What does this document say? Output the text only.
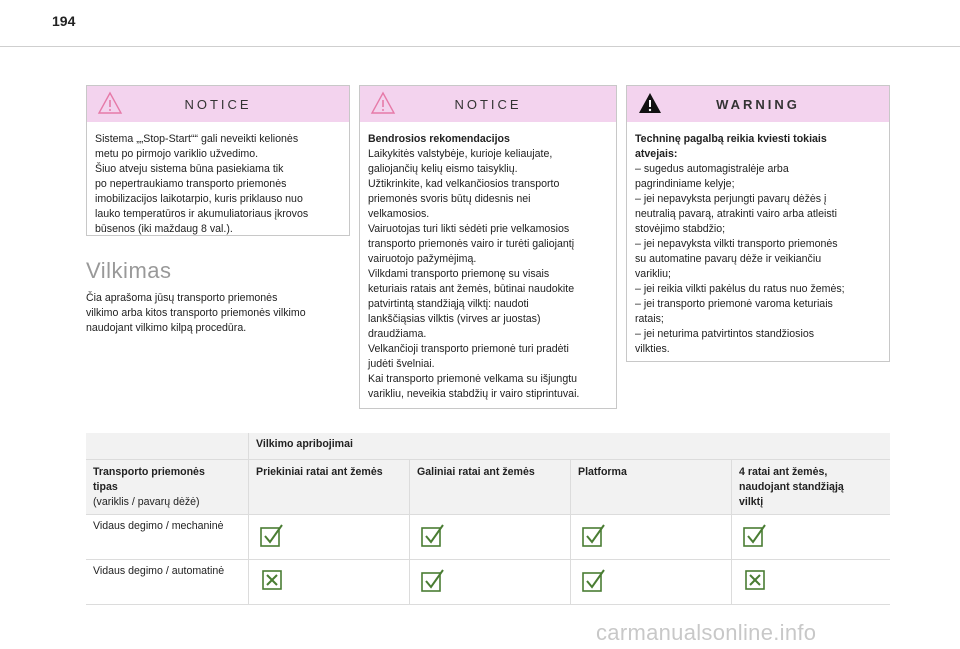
194
NOTICE

Sistema „„Stop-Start““ gali neveikti kelionės
metu po pirmojo variklio užvedimo.
Šiuo atveju sistema būna pasiekiama tik
po nepertraukiamo transporto priemonės
imobilizacijos laikotarpio, kuris priklauso nuo
lauko temperatūros ir akumuliatoriaus įkrovos
būsenos (iki maždaug 8 val.).

Vilkimas
Čia aprašoma jūsų transporto priemonės
vilkimo arba kitos transporto priemonės vilkimo
naudojant vilkimo kilpą procedūra.
NOTICE

Bendrosios rekomendacijos

Laikykitės valstybėje, kurioje keliaujate,
galiojančių kelių eismo taisyklių.
Užtikrinkite, kad velkančiosios transporto
priemonės svoris būtų didesnis nei
velkamosios.
Vairuotojas turi likti sėdėti prie velkamosios
transporto priemonės vairo ir turėti galiojantį
vairuotojo pažymėjimą.
Vilkdami transporto priemonę su visais
keturiais ratais ant žemės, būtinai naudokite
patvirtintą standžiąją vilktį: naudoti
lankščiąsias vilktis (virves ar juostas)
draudžiama.
Velkančioji transporto priemonė turi pradėti
judėti švelniai.
Kai transporto priemonė velkama su išjungtu
varikliu, neveikia stabdžių ir vairo stiprintuvai.

WARNING

Techninę pagalbą reikia kviesti tokiais
atvejais:

– sugedus automagistralėje arba
pagrindiniame kelyje;
– jei nepavyksta perjungti pavarų dėžės į
neutralią pavarą, atrakinti vairo arba atleisti
stovėjimo stabdžio;
– jei nepavyksta vilkti transporto priemonės
su automatine pavarų dėže ir veikiančiu
varikliu;
– jei reikia vilkti pakėlus du ratus nuo žemės;
– jei transporto priemonė varoma keturiais
ratais;
– jei neturima patvirtintos standžiosios
vilkties.

	Vilkimo apribojimai			
Transporto priemonės
tipas
(variklis / pavarų dėžė)	Priekiniai ratai ant žemės	Galiniai ratai ant žemės	Platforma	4 ratai ant žemės,
naudojant standžiąją
vilktį
Vidaus degimo / mechaninė	

Vidaus degimo / automatinė	

carmanualsonline.info
